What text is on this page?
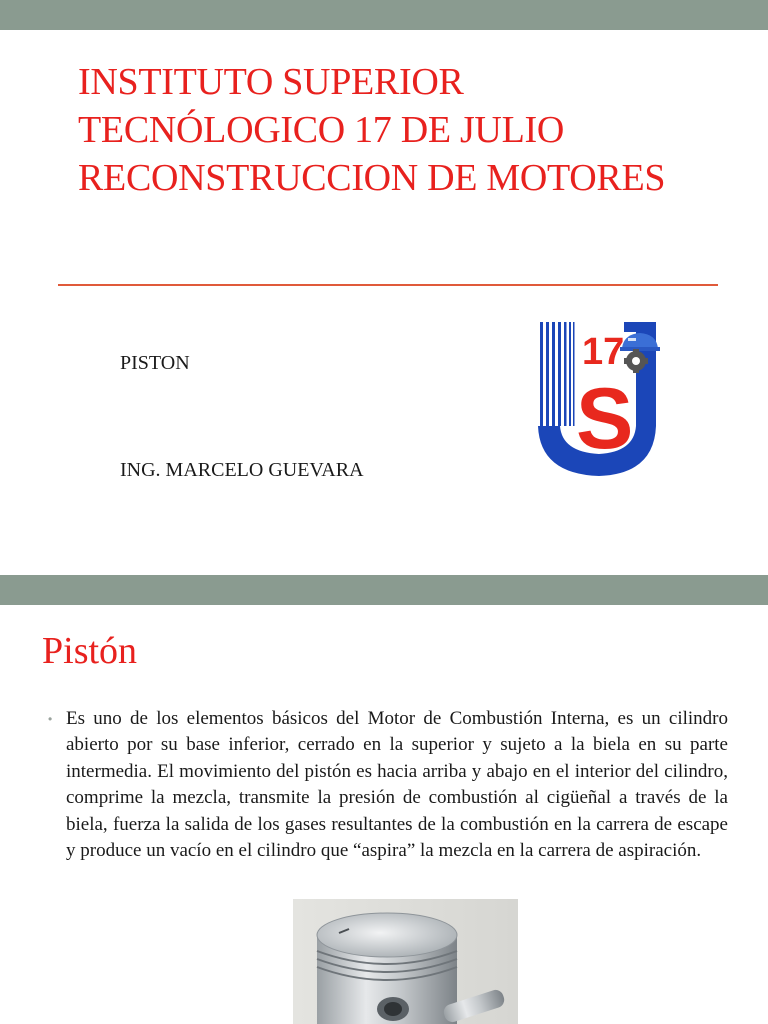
INSTITUTO SUPERIOR
TECNÓLOGICO 17 DE JULIO
RECONSTRUCCION DE MOTORES
PISTON
ING. MARCELO GUEVARA
17
S
Pistón
• Es uno de los elementos básicos del Motor de Combustión Interna, es un cilindro abierto por su base inferior, cerrado en la superior y sujeto a la biela en su parte intermedia. El movimiento del pistón es hacia arriba y abajo en el interior del cilindro, comprime la mezcla, transmite la presión de combustión al cigüeñal a través de la biela, fuerza la salida de los gases resultantes de la combustión en la carrera de escape y produce un vacío en el cilindro que “aspira” la mezcla en la carrera de aspiración.
